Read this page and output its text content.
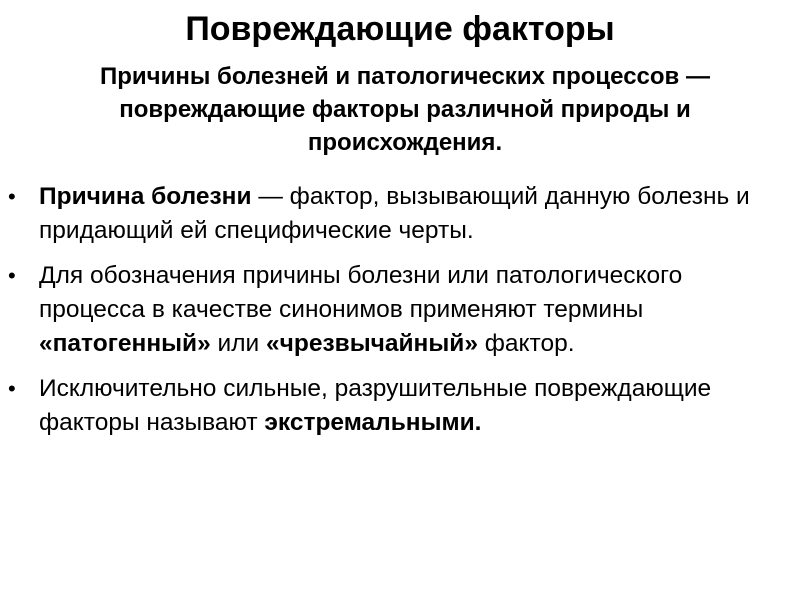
Повреждающие факторы

Причины болезней и патологических процессов — повреждающие факторы различной природы и происхождения.

• Причина болезни — фактор, вызывающий данную болезнь и придающий ей специфические черты.
• Для обозначения причины болезни или патологического процесса в качестве синонимов применяют термины «патогенный» или «чрезвычайный» фактор.
• Исключительно сильные, разрушительные повреждающие факторы называют экстремальными.
